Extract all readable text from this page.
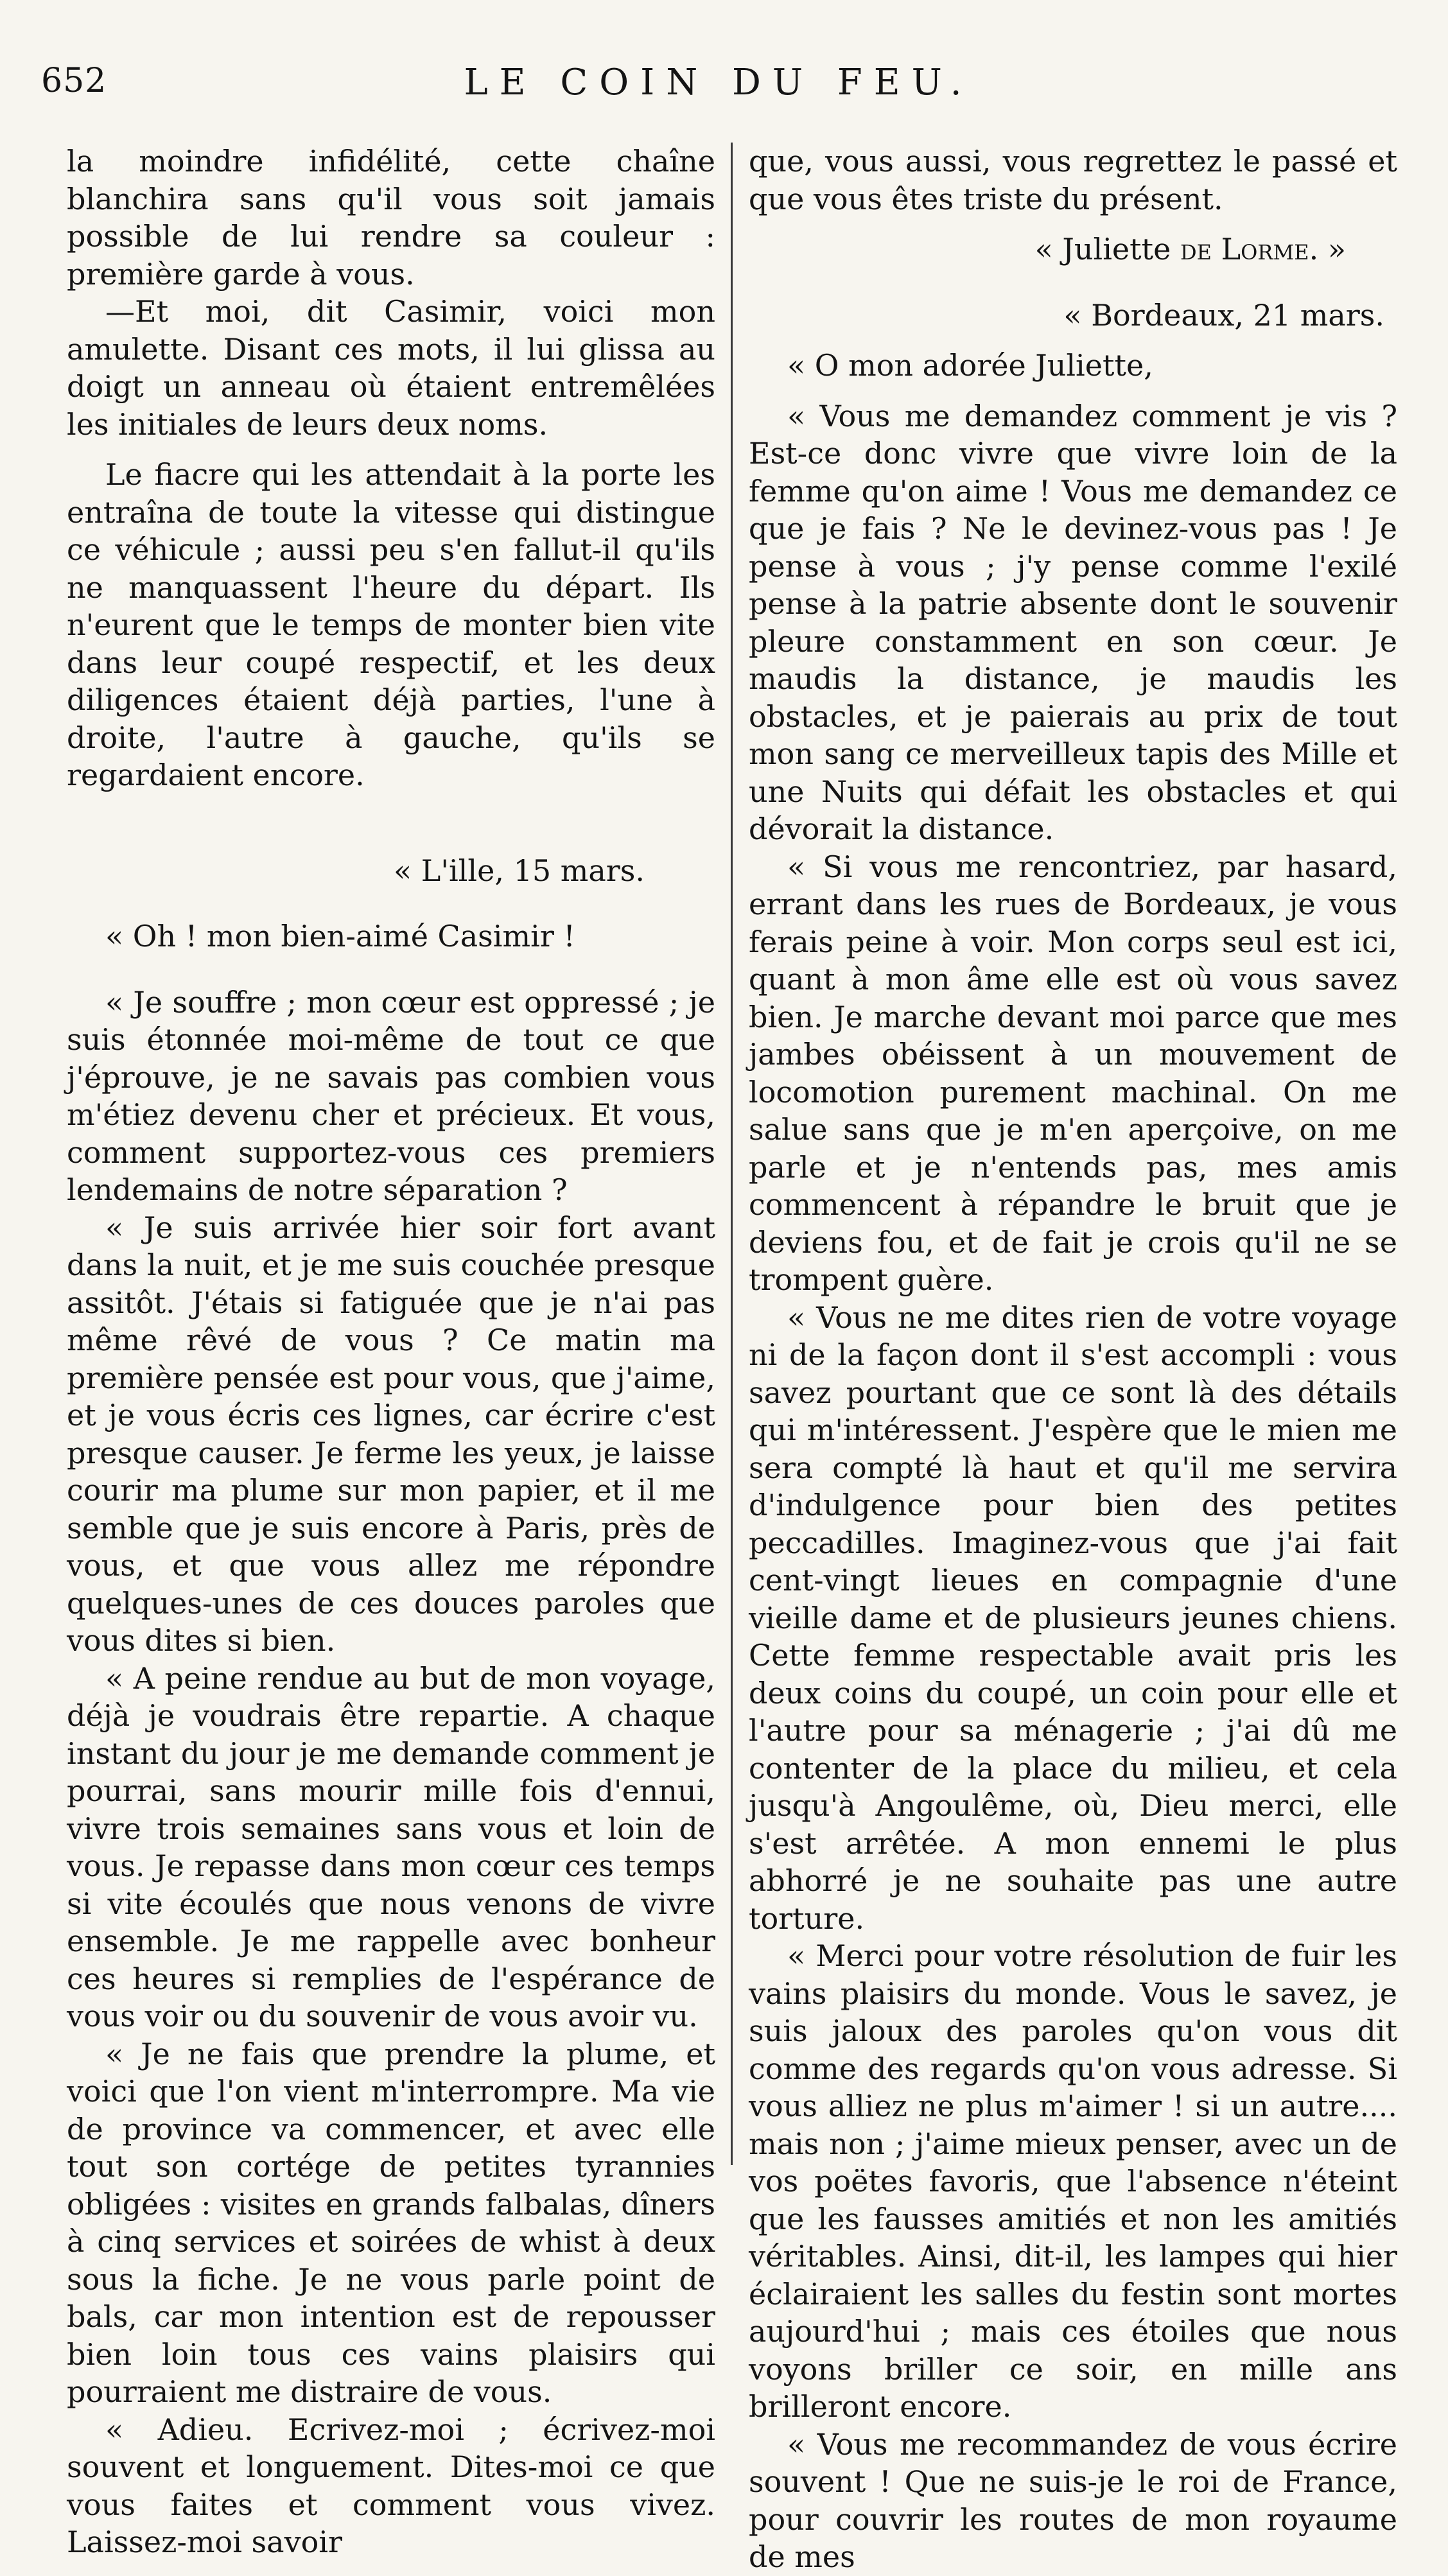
652	LE COIN DU FEU.

la moindre infidélité, cette chaîne blanchira sans qu'il vous soit jamais possible de lui rendre sa couleur : première garde à vous.

—Et moi, dit Casimir, voici mon amulette. Disant ces mots, il lui glissa au doigt un anneau où étaient entremêlées les initiales de leurs deux noms.

Le fiacre qui les attendait à la porte les entraîna de toute la vitesse qui distingue ce véhicule ; aussi peu s'en fallut-il qu'ils ne manquassent l'heure du départ. Ils n'eurent que le temps de monter bien vite dans leur coupé respectif, et les deux diligences étaient déjà parties, l'une à droite, l'autre à gauche, qu'ils se regardaient encore.

« L'ille, 15 mars.

« Oh ! mon bien-aimé Casimir !

« Je souffre ; mon cœur est oppressé ; je suis étonnée moi-même de tout ce que j'éprouve, je ne savais pas combien vous m'étiez devenu cher et précieux. Et vous, comment supportez-vous ces premiers lendemains de notre séparation ?

« Je suis arrivée hier soir fort avant dans la nuit, et je me suis couchée presque assitôt. J'étais si fatiguée que je n'ai pas même rêvé de vous ? Ce matin ma première pensée est pour vous, que j'aime, et je vous écris ces lignes, car écrire c'est presque causer. Je ferme les yeux, je laisse courir ma plume sur mon papier, et il me semble que je suis encore à Paris, près de vous, et que vous allez me répondre quelques-unes de ces douces paroles que vous dites si bien.

« A peine rendue au but de mon voyage, déjà je voudrais être repartie. A chaque instant du jour je me demande comment je pourrai, sans mourir mille fois d'ennui, vivre trois semaines sans vous et loin de vous. Je repasse dans mon cœur ces temps si vite écoulés que nous venons de vivre ensemble. Je me rappelle avec bonheur ces heures si remplies de l'espérance de vous voir ou du souvenir de vous avoir vu.

« Je ne fais que prendre la plume, et voici que l'on vient m'interrompre. Ma vie de province va commencer, et avec elle tout son cortége de petites tyrannies obligées : visites en grands falbalas, dîners à cinq services et soirées de whist à deux sous la fiche. Je ne vous parle point de bals, car mon intention est de repousser bien loin tous ces vains plaisirs qui pourraient me distraire de vous.

« Adieu. Ecrivez-moi ; écrivez-moi souvent et longuement. Dites-moi ce que vous faites et comment vous vivez. Laissez-moi savoir

que, vous aussi, vous regrettez le passé et que vous êtes triste du présent.

« Juliette de Lorme. »

« Bordeaux, 21 mars.

« O mon adorée Juliette,

« Vous me demandez comment je vis ? Est-ce donc vivre que vivre loin de la femme qu'on aime ! Vous me demandez ce que je fais ? Ne le devinez-vous pas ! Je pense à vous ; j'y pense comme l'exilé pense à la patrie absente dont le souvenir pleure constamment en son cœur. Je maudis la distance, je maudis les obstacles, et je paierais au prix de tout mon sang ce merveilleux tapis des Mille et une Nuits qui défait les obstacles et qui dévorait la distance.

« Si vous me rencontriez, par hasard, errant dans les rues de Bordeaux, je vous ferais peine à voir. Mon corps seul est ici, quant à mon âme elle est où vous savez bien. Je marche devant moi parce que mes jambes obéissent à un mouvement de locomotion purement machinal. On me salue sans que je m'en aperçoive, on me parle et je n'entends pas, mes amis commencent à répandre le bruit que je deviens fou, et de fait je crois qu'il ne se trompent guère.

« Vous ne me dites rien de votre voyage ni de la façon dont il s'est accompli : vous savez pourtant que ce sont là des détails qui m'intéressent. J'espère que le mien me sera compté là haut et qu'il me servira d'indulgence pour bien des petites peccadilles. Imaginez-vous que j'ai fait cent-vingt lieues en compagnie d'une vieille dame et de plusieurs jeunes chiens. Cette femme respectable avait pris les deux coins du coupé, un coin pour elle et l'autre pour sa ménagerie ; j'ai dû me contenter de la place du milieu, et cela jusqu'à Angoulême, où, Dieu merci, elle s'est arrêtée. A mon ennemi le plus abhorré je ne souhaite pas une autre torture.

« Merci pour votre résolution de fuir les vains plaisirs du monde. Vous le savez, je suis jaloux des paroles qu'on vous dit comme des regards qu'on vous adresse. Si vous alliez ne plus m'aimer ! si un autre.... mais non ; j'aime mieux penser, avec un de vos poëtes favoris, que l'absence n'éteint que les fausses amitiés et non les amitiés véritables. Ainsi, dit-il, les lampes qui hier éclairaient les salles du festin sont mortes aujourd'hui ; mais ces étoiles que nous voyons briller ce soir, en mille ans brilleront encore.

« Vous me recommandez de vous écrire souvent ! Que ne suis-je le roi de France, pour couvrir les routes de mon royaume de mes
